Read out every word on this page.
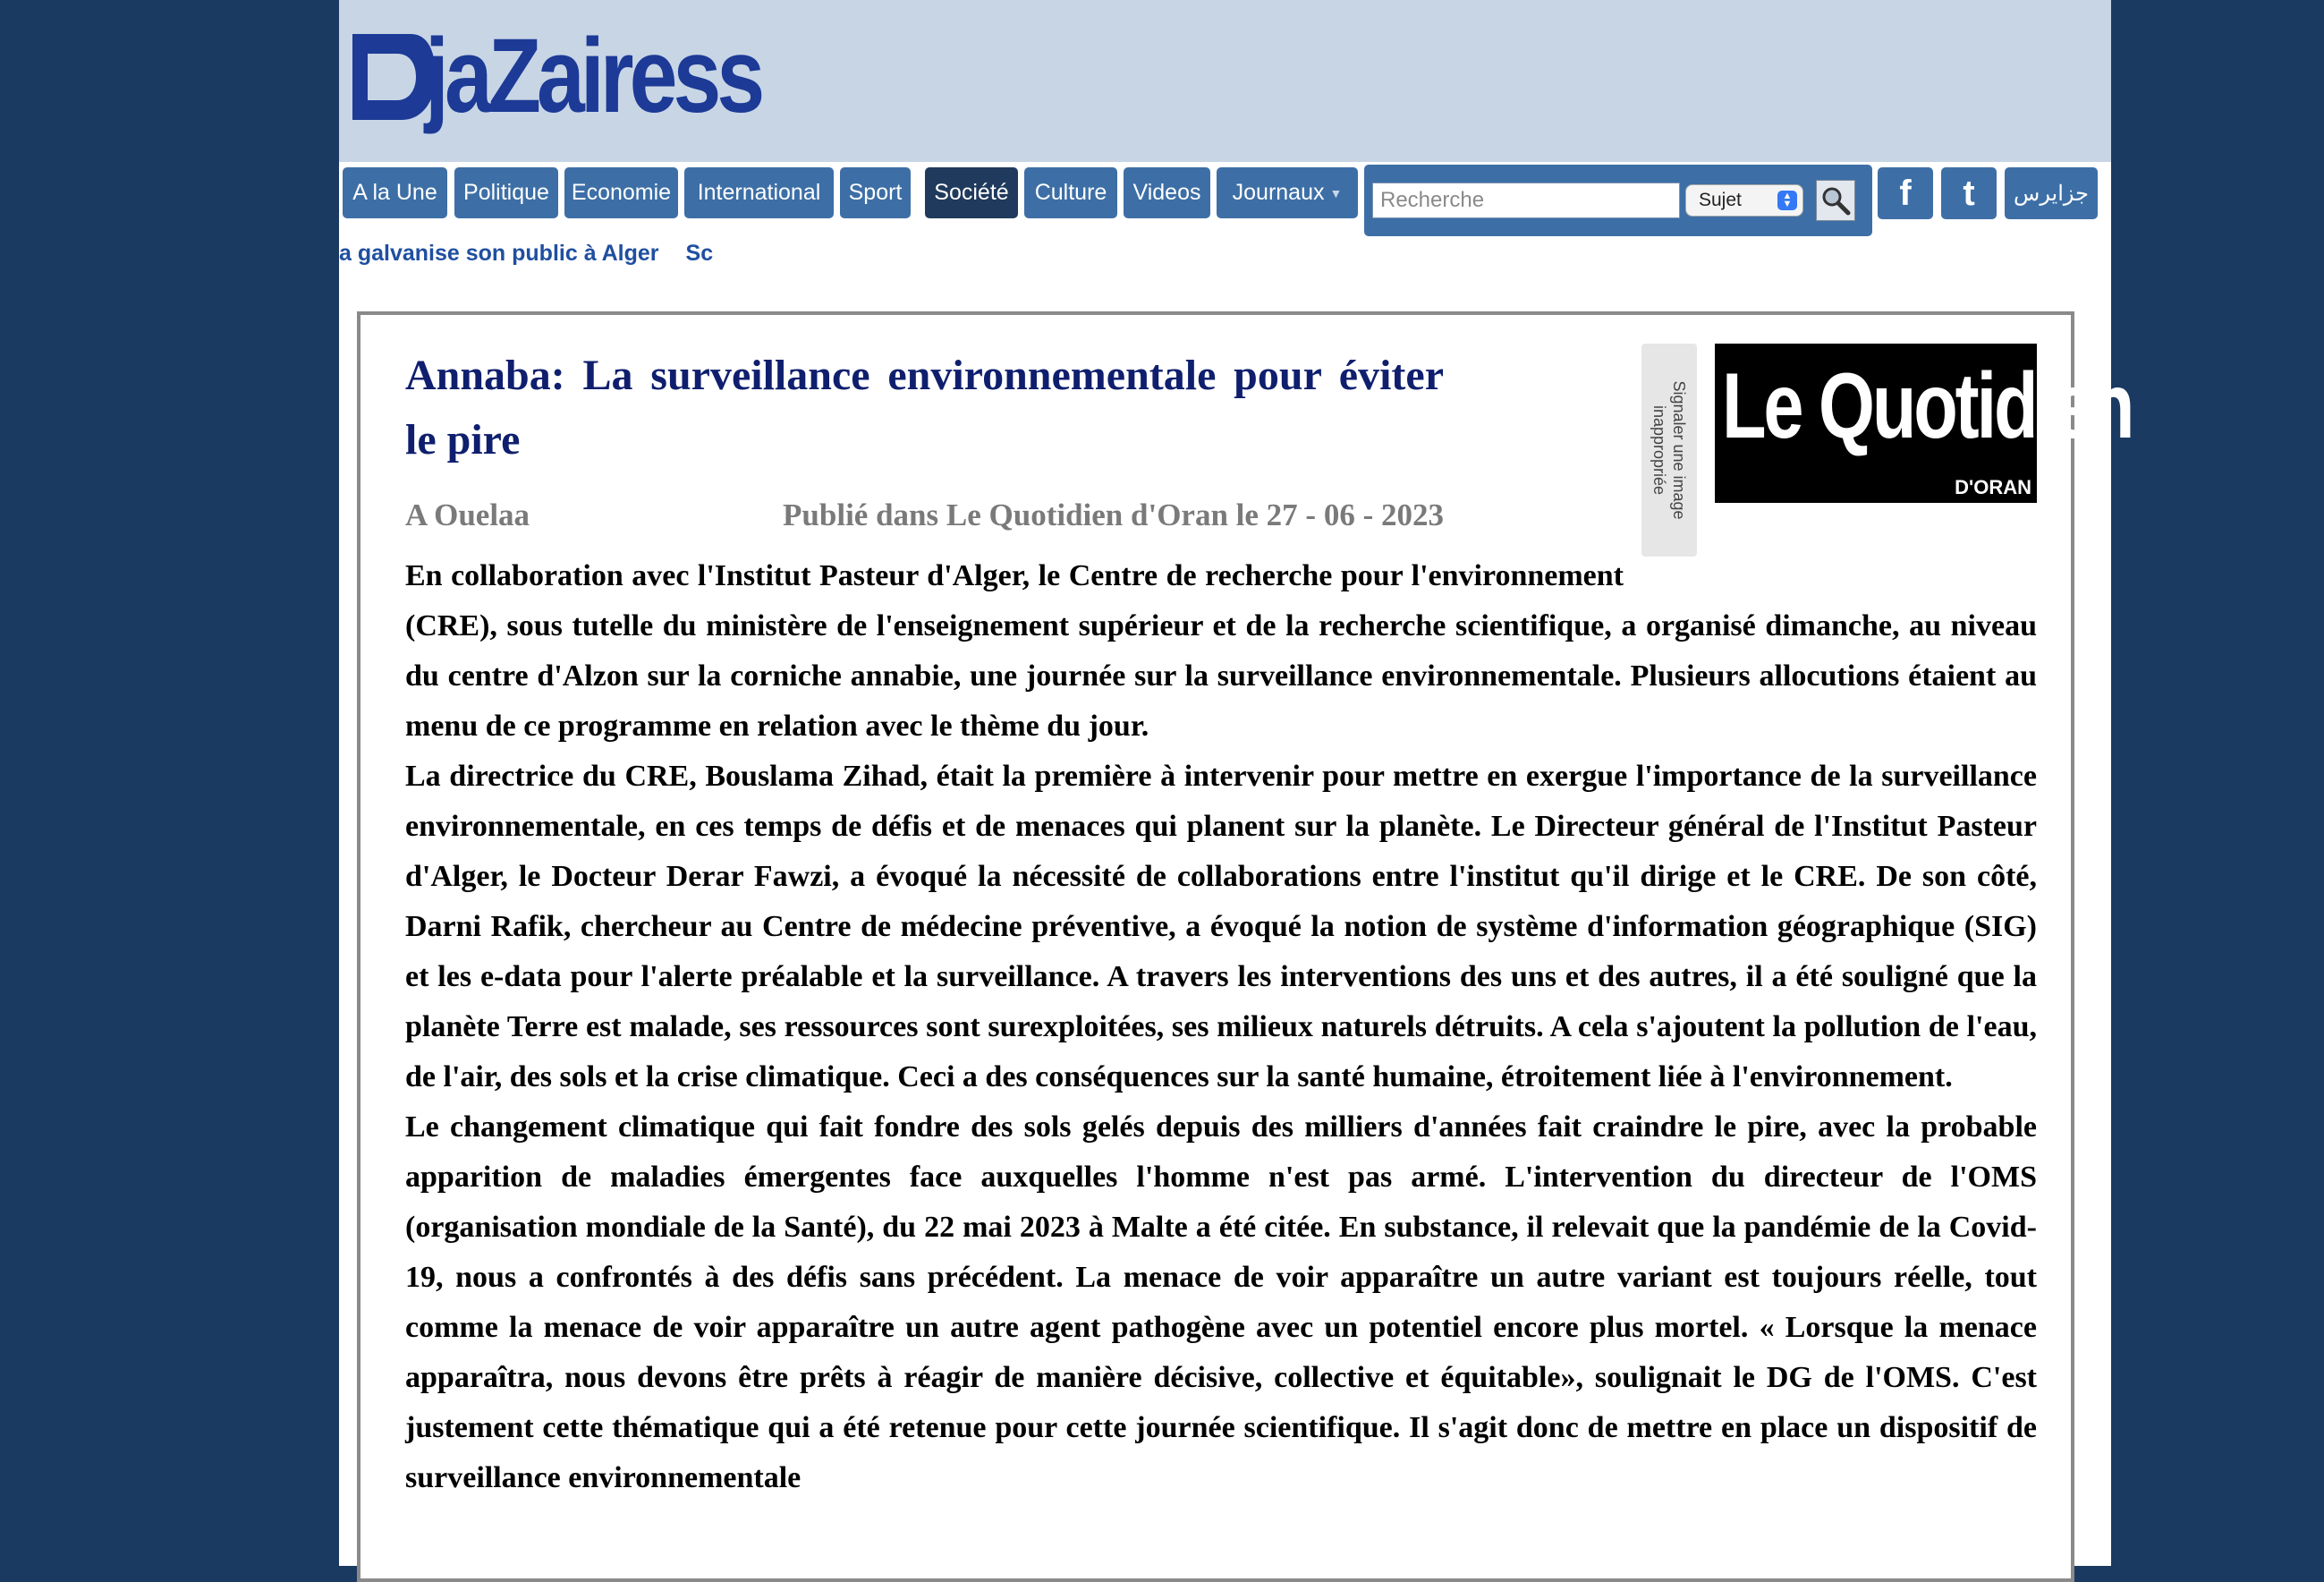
jaZairess
A la Une Politique Economie International Sport Société Culture Videos Journaux ▼
Recherche	Sujet	▲
▼	f t جزايرس
a galvanise son public à Alger Sc
Le Quotidien
D'ORAN
Signaler une image inappropriée
Annaba: La surveillance environnementale pour éviter le pire
A Ouelaa	Publié dans Le Quotidien d'Oran le 27 - 06 - 2023

En collaboration avec l'Institut Pasteur d'Alger, le Centre de recherche pour l'environnement (CRE), sous tutelle du ministère de l'enseignement supérieur et de la recherche scientifique, a organisé dimanche, au niveau du centre d'Alzon sur la corniche annabie, une journée sur la surveillance environnementale. Plusieurs allocutions étaient au menu de ce programme en relation avec le thème du jour.

La directrice du CRE, Bouslama Zihad, était la première à intervenir pour mettre en exergue l'importance de la surveillance environnementale, en ces temps de défis et de menaces qui planent sur la planète. Le Directeur général de l'Institut Pasteur d'Alger, le Docteur Derar Fawzi, a évoqué la nécessité de collaborations entre l'institut qu'il dirige et le CRE. De son côté, Darni Rafik, chercheur au Centre de médecine préventive, a évoqué la notion de système d'information géographique (SIG) et les e-data pour l'alerte préalable et la surveillance. A travers les interventions des uns et des autres, il a été souligné que la planète Terre est malade, ses ressources sont surexploitées, ses milieux naturels détruits. A cela s'ajoutent la pollution de l'eau, de l'air, des sols et la crise climatique. Ceci a des conséquences sur la santé humaine, étroitement liée à l'environnement.

Le changement climatique qui fait fondre des sols gelés depuis des milliers d'années fait craindre le pire, avec la probable apparition de maladies émergentes face auxquelles l'homme n'est pas armé. L'intervention du directeur de l'OMS (organisation mondiale de la Santé), du 22 mai 2023 à Malte a été citée. En substance, il relevait que la pandémie de la Covid-19, nous a confrontés à des défis sans précédent. La menace de voir apparaître un autre variant est toujours réelle, tout comme la menace de voir apparaître un autre agent pathogène avec un potentiel encore plus mortel. « Lorsque la menace apparaîtra, nous devons être prêts à réagir de manière décisive, collective et équitable», soulignait le DG de l'OMS. C'est justement cette thématique qui a été retenue pour cette journée scientifique. Il s'agit donc de mettre en place un dispositif de surveillance environnementale
